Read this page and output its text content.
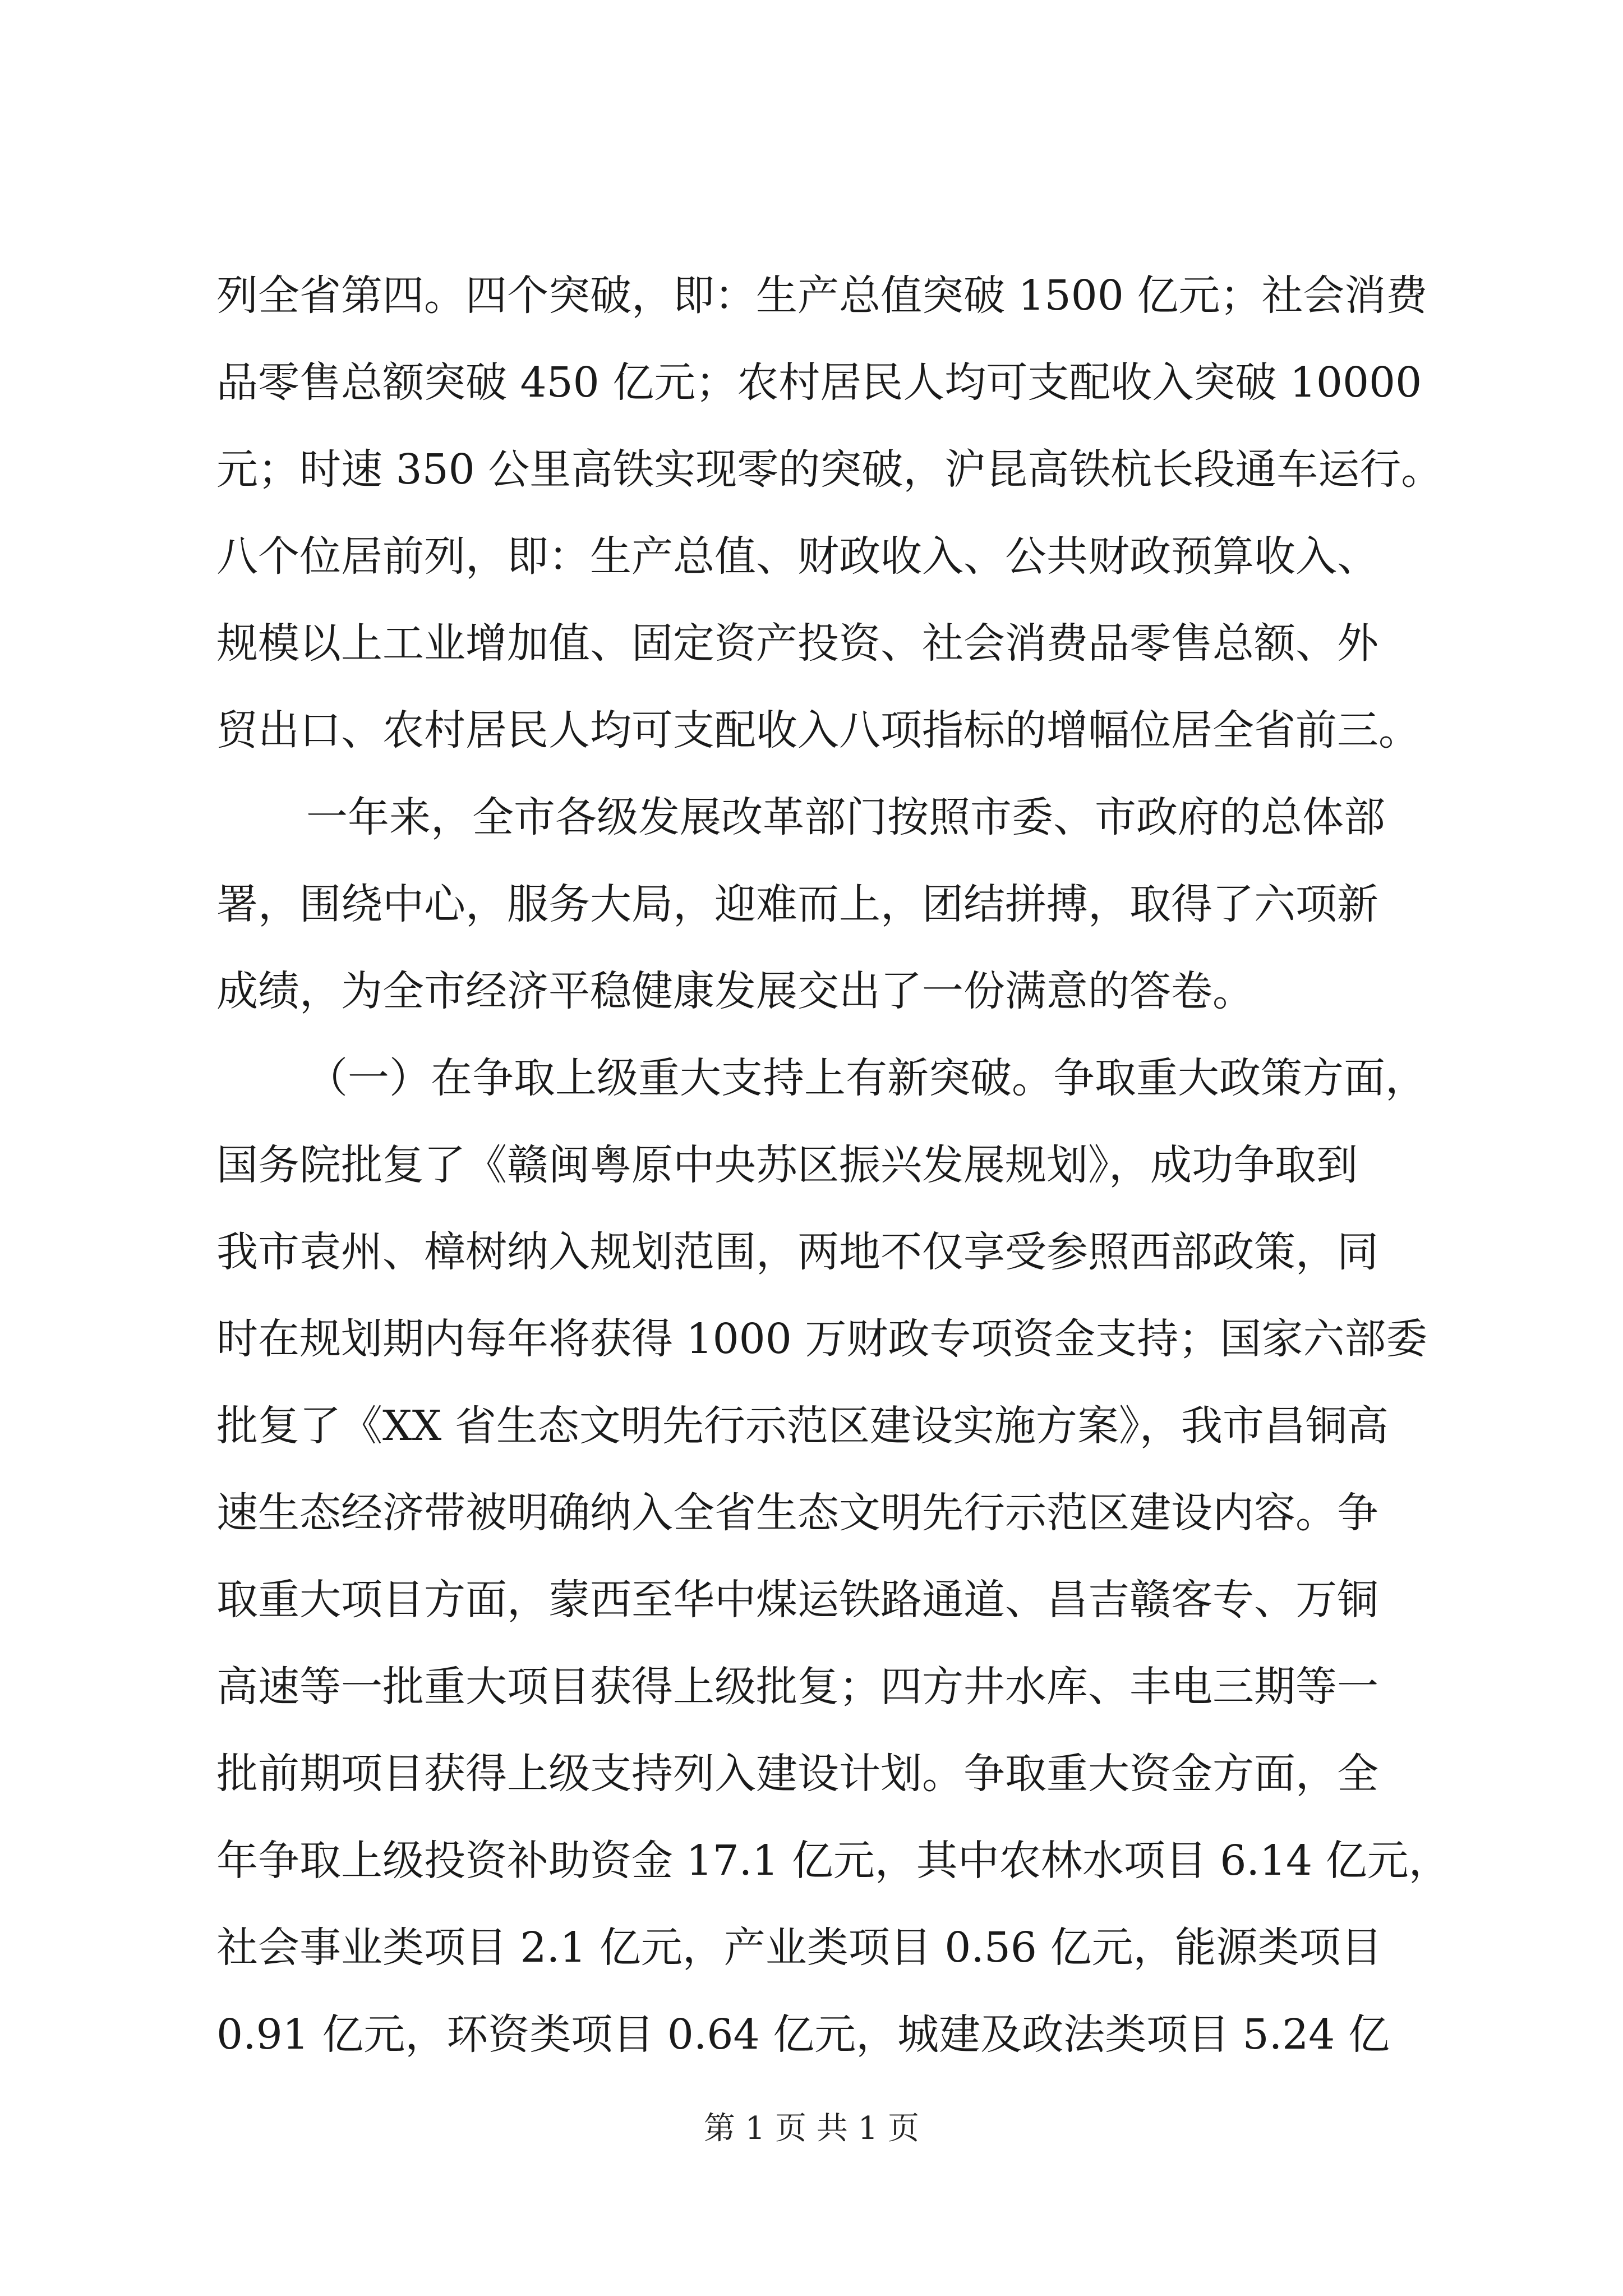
列全省第四。四个突破，即：生产总值突破 1500 亿元；社会消费
品零售总额突破 450 亿元；农村居民人均可支配收入突破 10000
元；时速 350 公里高铁实现零的突破，沪昆高铁杭长段通车运行。
八个位居前列，即：生产总值、财政收入、公共财政预算收入、
规模以上工业增加值、固定资产投资、社会消费品零售总额、外
贸出口、农村居民人均可支配收入八项指标的增幅位居全省前三。
一年来，全市各级发展改革部门按照市委、市政府的总体部
署，围绕中心，服务大局，迎难而上，团结拼搏，取得了六项新
成绩，为全市经济平稳健康发展交出了一份满意的答卷。
（一）在争取上级重大支持上有新突破。争取重大政策方面，
国务院批复了《赣闽粤原中央苏区振兴发展规划》，成功争取到
我市袁州、樟树纳入规划范围，两地不仅享受参照西部政策，同
时在规划期内每年将获得 1000 万财政专项资金支持；国家六部委
批复了《XX 省生态文明先行示范区建设实施方案》，我市昌铜高
速生态经济带被明确纳入全省生态文明先行示范区建设内容。争
取重大项目方面，蒙西至华中煤运铁路通道、昌吉赣客专、万铜
高速等一批重大项目获得上级批复；四方井水库、丰电三期等一
批前期项目获得上级支持列入建设计划。争取重大资金方面，全
年争取上级投资补助资金 17.1 亿元，其中农林水项目 6.14 亿元，
社会事业类项目 2.1 亿元，产业类项目 0.56 亿元，能源类项目
0.91 亿元，环资类项目 0.64 亿元，城建及政法类项目 5.24 亿
第 1 页 共 1 页
